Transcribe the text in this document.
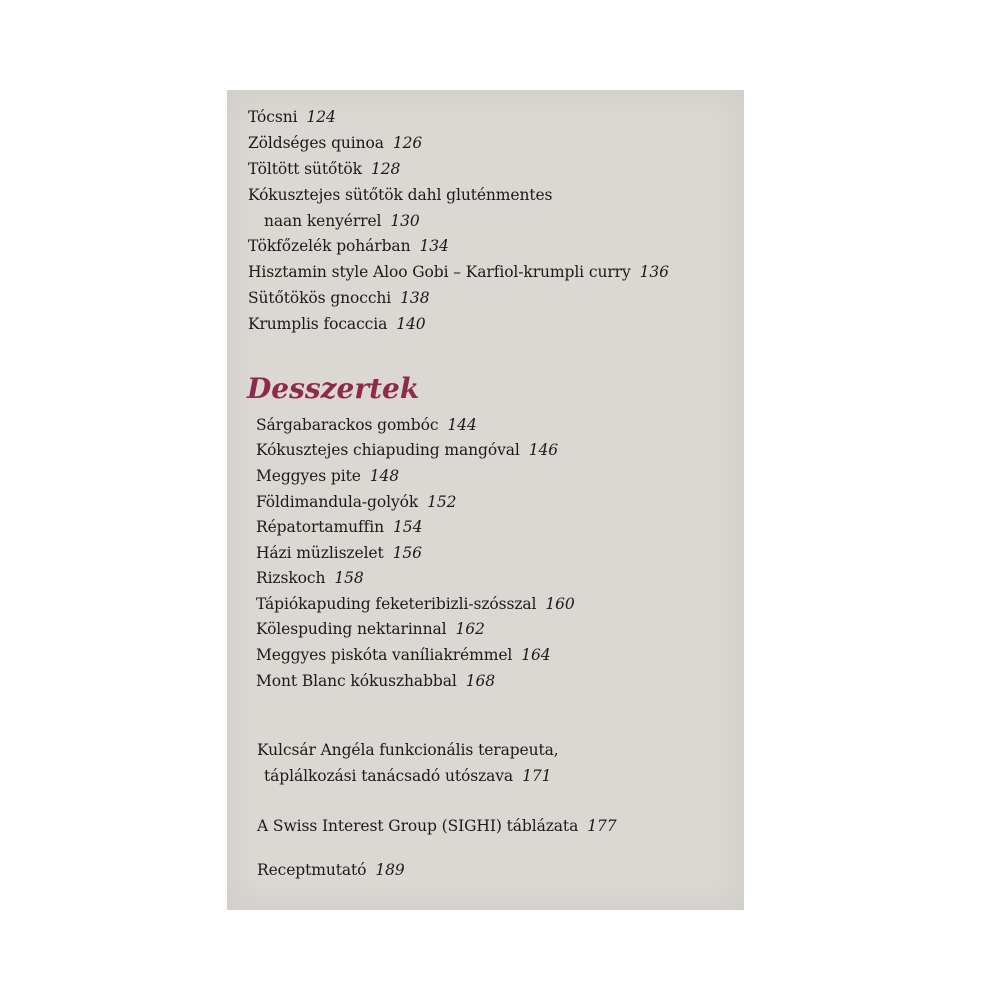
Tócsni 124
Zöldséges quinoa 126
Töltött sütőtök 128
Kókusztejes sütőtök dahl gluténmentes
naan kenyérrel 130
Tökfőzelék pohárban 134
Hisztamin style Aloo Gobi – Karfiol-krumpli curry 136
Sütőtökös gnocchi 138
Krumplis focaccia 140
Sárgabarackos gombóc 144
Kókusztejes chiapuding mangóval 146
Meggyes pite 148
Földimandula-golyók 152
Répatortamuffin 154
Házi müzliszelet 156
Rizskoch 158
Tápiókapuding feketeribizli-szósszal 160
Kölespuding nektarinnal 162
Meggyes piskóta vaníliakrémmel 164
Mont Blanc kókuszhabbal 168
Kulcsár Angéla funkcionális terapeuta,
táplálkozási tanácsadó utószava 171
A Swiss Interest Group (SIGHI) táblázata 177
Receptmutató 189
Desszertek
